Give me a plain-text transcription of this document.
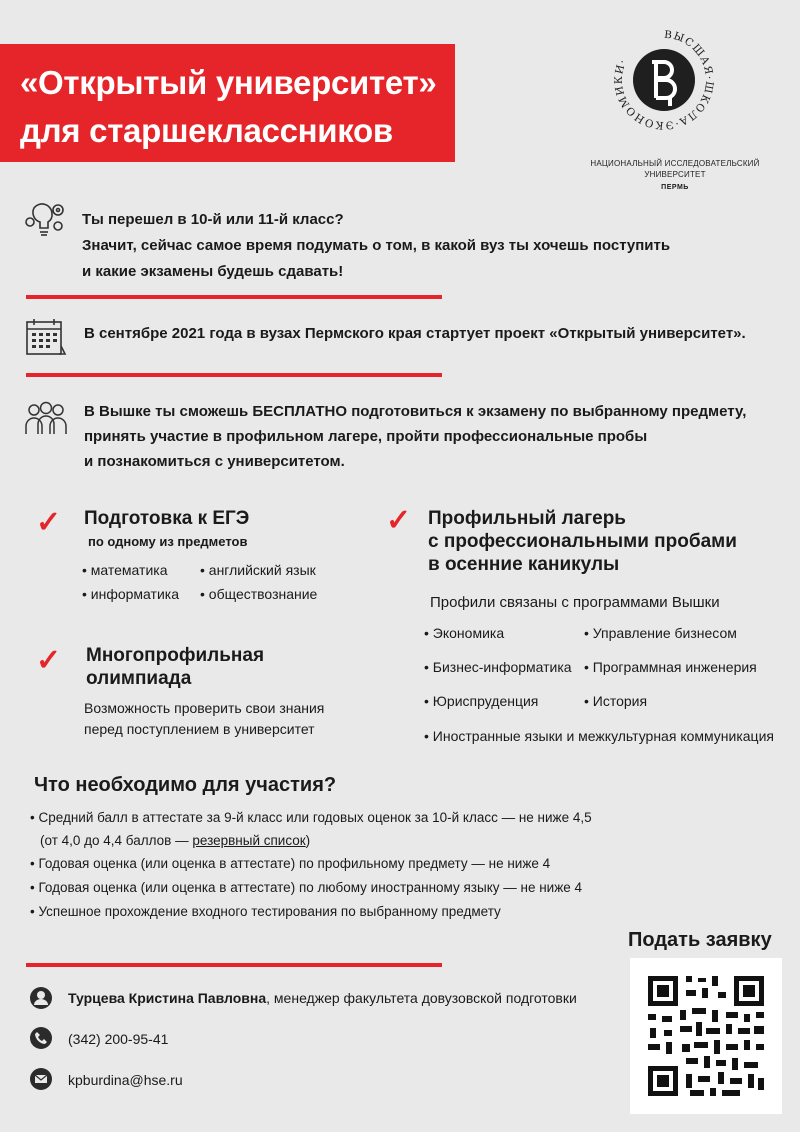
«Открытый университет»
для старшеклассников
ВЫСШАЯ·ШКОЛА·ЭКОНОМИКИ·
НАЦИОНАЛЬНЫЙ ИССЛЕДОВАТЕЛЬСКИЙ УНИВЕРСИТЕТ
ПЕРМЬ
Ты перешел в 10-й или 11-й класс?
Значит, сейчас самое время подумать о том, в какой вуз ты хочешь поступить
и какие экзамены будешь сдавать!
В сентябре 2021 года в вузах Пермского края стартует проект «Открытый университет».
В Вышке ты сможешь БЕСПЛАТНО подготовиться к экзамену по выбранному предмету,
принять участие в профильном лагере, пройти профессиональные пробы
и познакомиться с университетом.
✓ Подготовка к ЕГЭ
по одному из предметов
• математика • английский язык
• информатика • обществознание
✓ Многопрофильная
олимпиада
Возможность проверить свои знания
перед поступлением в университет
✓ Профильный лагерь
с профессиональными пробами
в осенние каникулы
Профили связаны с программами Вышки
• Экономика	• Управление бизнесом
• Бизнес-информатика • Программная инженерия
• Юриспруденция	• История
• Иностранные языки и межкультурная коммуникация
Что необходимо для участия?
• Средний балл в аттестате за 9-й класс или годовых оценок за 10-й класс — не ниже 4,5
(от 4,0 до 4,4 баллов — резервный список)
• Годовая оценка (или оценка в аттестате) по профильному предмету — не ниже 4
• Годовая оценка (или оценка в аттестате) по любому иностранному языку — не ниже 4
• Успешное прохождение входного тестирования по выбранному предмету
Подать заявку
Турцева Кристина Павловна, менеджер факультета довузовской подготовки
(342) 200-95-41
kpburdina@hse.ru
